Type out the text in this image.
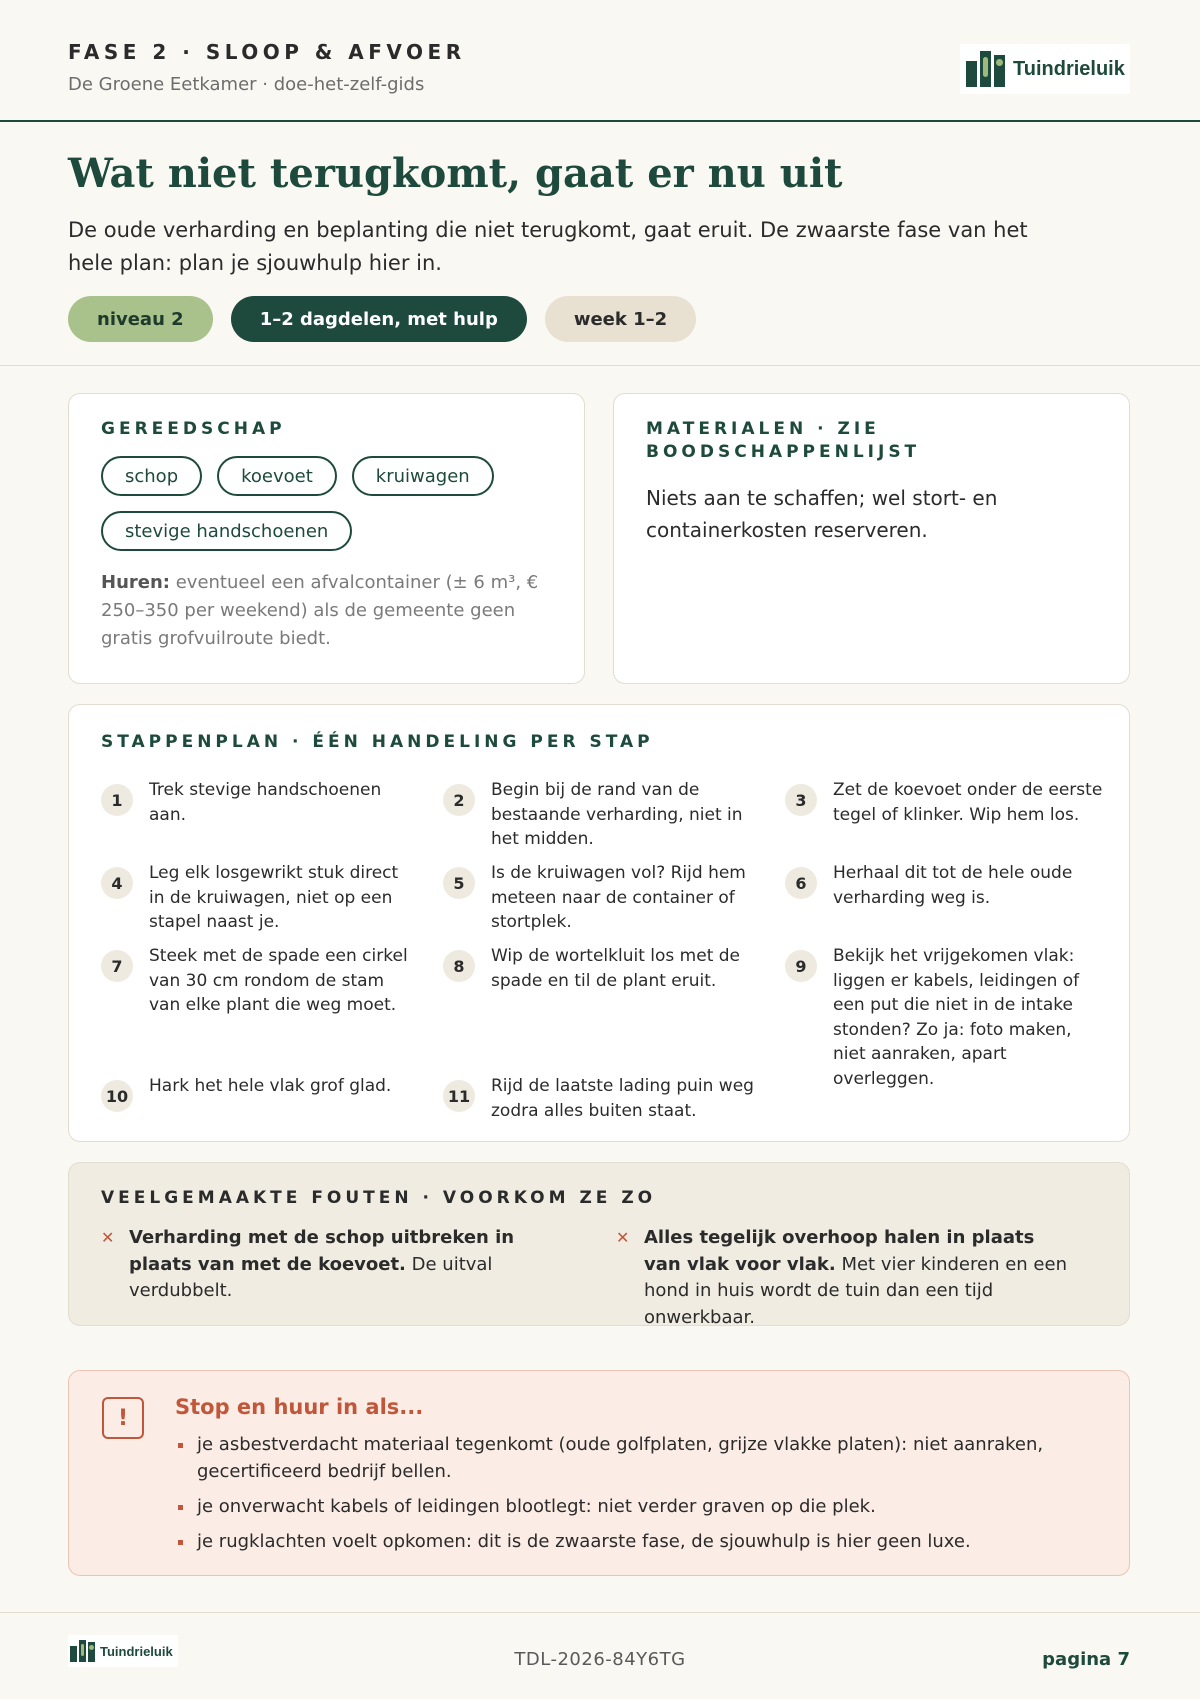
FASE 2 · SLOOP & AFVOER
De Groene Eetkamer · doe-het-zelf-gids
Tuindrieluik
Wat niet terugkomt, gaat er nu uit
De oude verharding en beplanting die niet terugkomt, gaat eruit. De zwaarste fase van het hele plan: plan je sjouwhulp hier in.
niveau 2	1–2 dagdelen, met hulp	week 1–2
GEREEDSCHAP
schop	koevoet	kruiwagen
stevige handschoenen
Huren: eventueel een afvalcontainer (± 6 m³, € 250–350 per weekend) als de gemeente geen gratis grofvuilroute biedt.
MATERIALEN · ZIE BOODSCHAPPENLIJST
Niets aan te schaffen; wel stort- en containerkosten reserveren.
STAPPENPLAN · ÉÉN HANDELING PER STAP
1	Trek stevige handschoenen aan.
2	Begin bij de rand van de bestaande verharding, niet in het midden.
3	Zet de koevoet onder de eerste tegel of klinker. Wip hem los.
4	Leg elk losgewrikt stuk direct in de kruiwagen, niet op een stapel naast je.
5	Is de kruiwagen vol? Rijd hem meteen naar de container of stortplek.
6	Herhaal dit tot de hele oude verharding weg is.
7	Steek met de spade een cirkel van 30 cm rondom de stam van elke plant die weg moet.
8	Wip de wortelkluit los met de spade en til de plant eruit.
9	Bekijk het vrijgekomen vlak: liggen er kabels, leidingen of een put die niet in de intake stonden? Zo ja: foto maken, niet aanraken, apart overleggen.
10 Hark het hele vlak grof glad.	11 Rijd de laatste lading puin weg zodra alles buiten staat.
VEELGEMAAKTE FOUTEN · VOORKOM ZE ZO
✕ Verharding met de schop uitbreken in plaats van met de koevoet. De uitval verdubbelt.
✕ Alles tegelijk overhoop halen in plaats van vlak voor vlak. Met vier kinderen en een hond in huis wordt de tuin dan een tijd onwerkbaar.
!	Stop en huur in als...
je asbestverdacht materiaal tegenkomt (oude golfplaten, grijze vlakke platen): niet aanraken, gecertificeerd bedrijf bellen.
je onverwacht kabels of leidingen blootlegt: niet verder graven op die plek.
je rugklachten voelt opkomen: dit is de zwaarste fase, de sjouwhulp is hier geen luxe.
Tuindrieluik	TDL-2026-84Y6TG	pagina 7
